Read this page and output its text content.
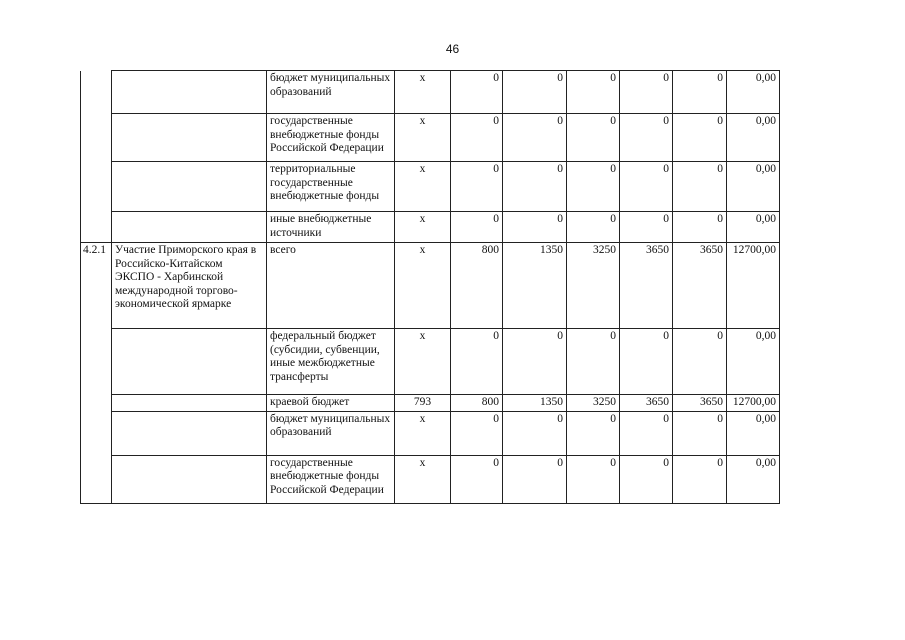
46
		бюджет муниципальных образований	х	0	0	0	0	0	0,00
		государственные внебюджетные фонды Российской Федерации	х	0	0	0	0	0	0,00
		территориальные государственные внебюджетные фонды	х	0	0	0	0	0	0,00
		иные внебюджетные источники	х	0	0	0	0	0	0,00
4.2.1	Участие Приморского края в Российско-Китайском ЭКСПО - Харбинской международной торгово-экономической ярмарке	всего	х	800	1350	3250	3650	3650	12700,00
		федеральный бюджет (субсидии, субвенции, иные межбюджетные трансферты	х	0	0	0	0	0	0,00
		краевой бюджет	793	800	1350	3250	3650	3650	12700,00
		бюджет муниципальных образований	х	0	0	0	0	0	0,00
		государственные внебюджетные фонды Российской Федерации	х	0	0	0	0	0	0,00
